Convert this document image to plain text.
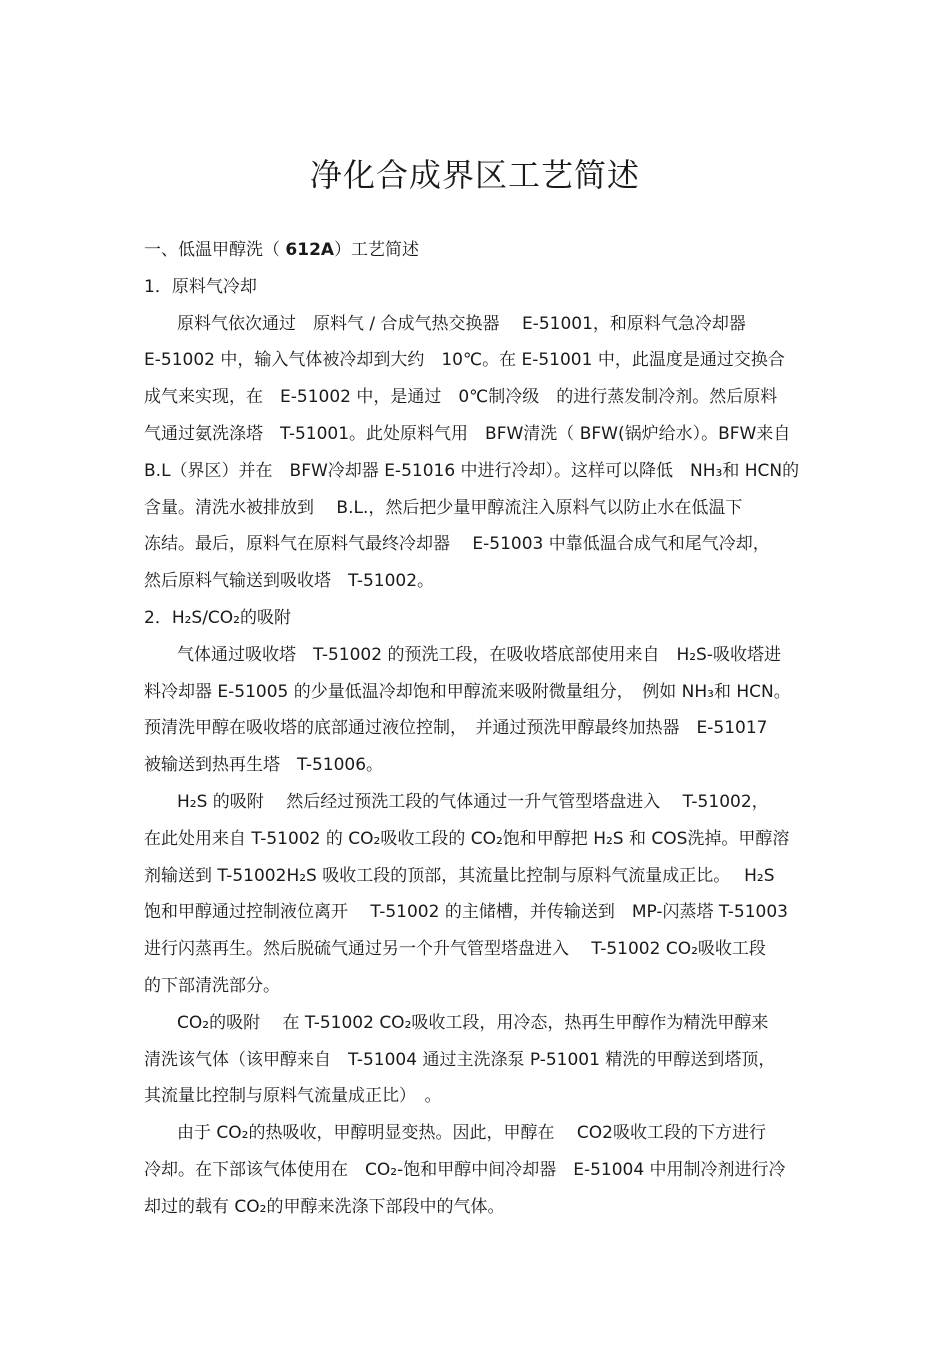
净化合成界区工艺简述
一、低温甲醇洗（ 612A）工艺简述
1．原料气冷却
原料气依次通过　原料气 / 合成气热交换器　 E-51001，和原料气急冷却器
E-51002 中，输入气体被冷却到大约　10℃。在 E-51001 中，此温度是通过交换合
成气来实现，在　E-51002 中，是通过　0℃制冷级　的进行蒸发制冷剂。然后原料
气通过氨洗涤塔　T-51001。此处原料气用　BFW清洗（ BFW(锅炉给水）。BFW来自
B.L（界区）并在　BFW冷却器 E-51016 中进行冷却）。这样可以降低　NH₃和 HCN的
含量。清洗水被排放到　 B.L.，然后把少量甲醇流注入原料气以防止水在低温下
冻结。最后，原料气在原料气最终冷却器　 E-51003 中靠低温合成气和尾气冷却，
然后原料气输送到吸收塔　T-51002。
2．H₂S/CO₂的吸附
气体通过吸收塔　T-51002 的预洗工段，在吸收塔底部使用来自　H₂S-吸收塔进
料冷却器 E-51005 的少量低温冷却饱和甲醇流来吸附微量组分，　例如 NH₃和 HCN。
预清洗甲醇在吸收塔的底部通过液位控制，　并通过预洗甲醇最终加热器　E-51017
被输送到热再生塔　T-51006。
H₂S 的吸附　 然后经过预洗工段的气体通过一升气管型塔盘进入　 T-51002，
在此处用来自 T-51002 的 CO₂吸收工段的 CO₂饱和甲醇把 H₂S 和 COS洗掉。甲醇溶
剂输送到 T-51002H₂S 吸收工段的顶部，其流量比控制与原料气流量成正比。　 H₂S
饱和甲醇通过控制液位离开　 T-51002 的主储槽，并传输送到　MP-闪蒸塔 T-51003
进行闪蒸再生。然后脱硫气通过另一个升气管型塔盘进入　 T-51002 CO₂吸收工段
的下部清洗部分。
CO₂的吸附　 在 T-51002 CO₂吸收工段，用冷态，热再生甲醇作为精洗甲醇来
清洗该气体（该甲醇来自　T-51004 通过主洗涤泵 P-51001 精洗的甲醇送到塔顶，
其流量比控制与原料气流量成正比）　。
由于 CO₂的热吸收，甲醇明显变热。因此，甲醇在　 CO2吸收工段的下方进行
冷却。在下部该气体使用在　CO₂-饱和甲醇中间冷却器　E-51004 中用制冷剂进行冷
却过的载有 CO₂的甲醇来洗涤下部段中的气体。
